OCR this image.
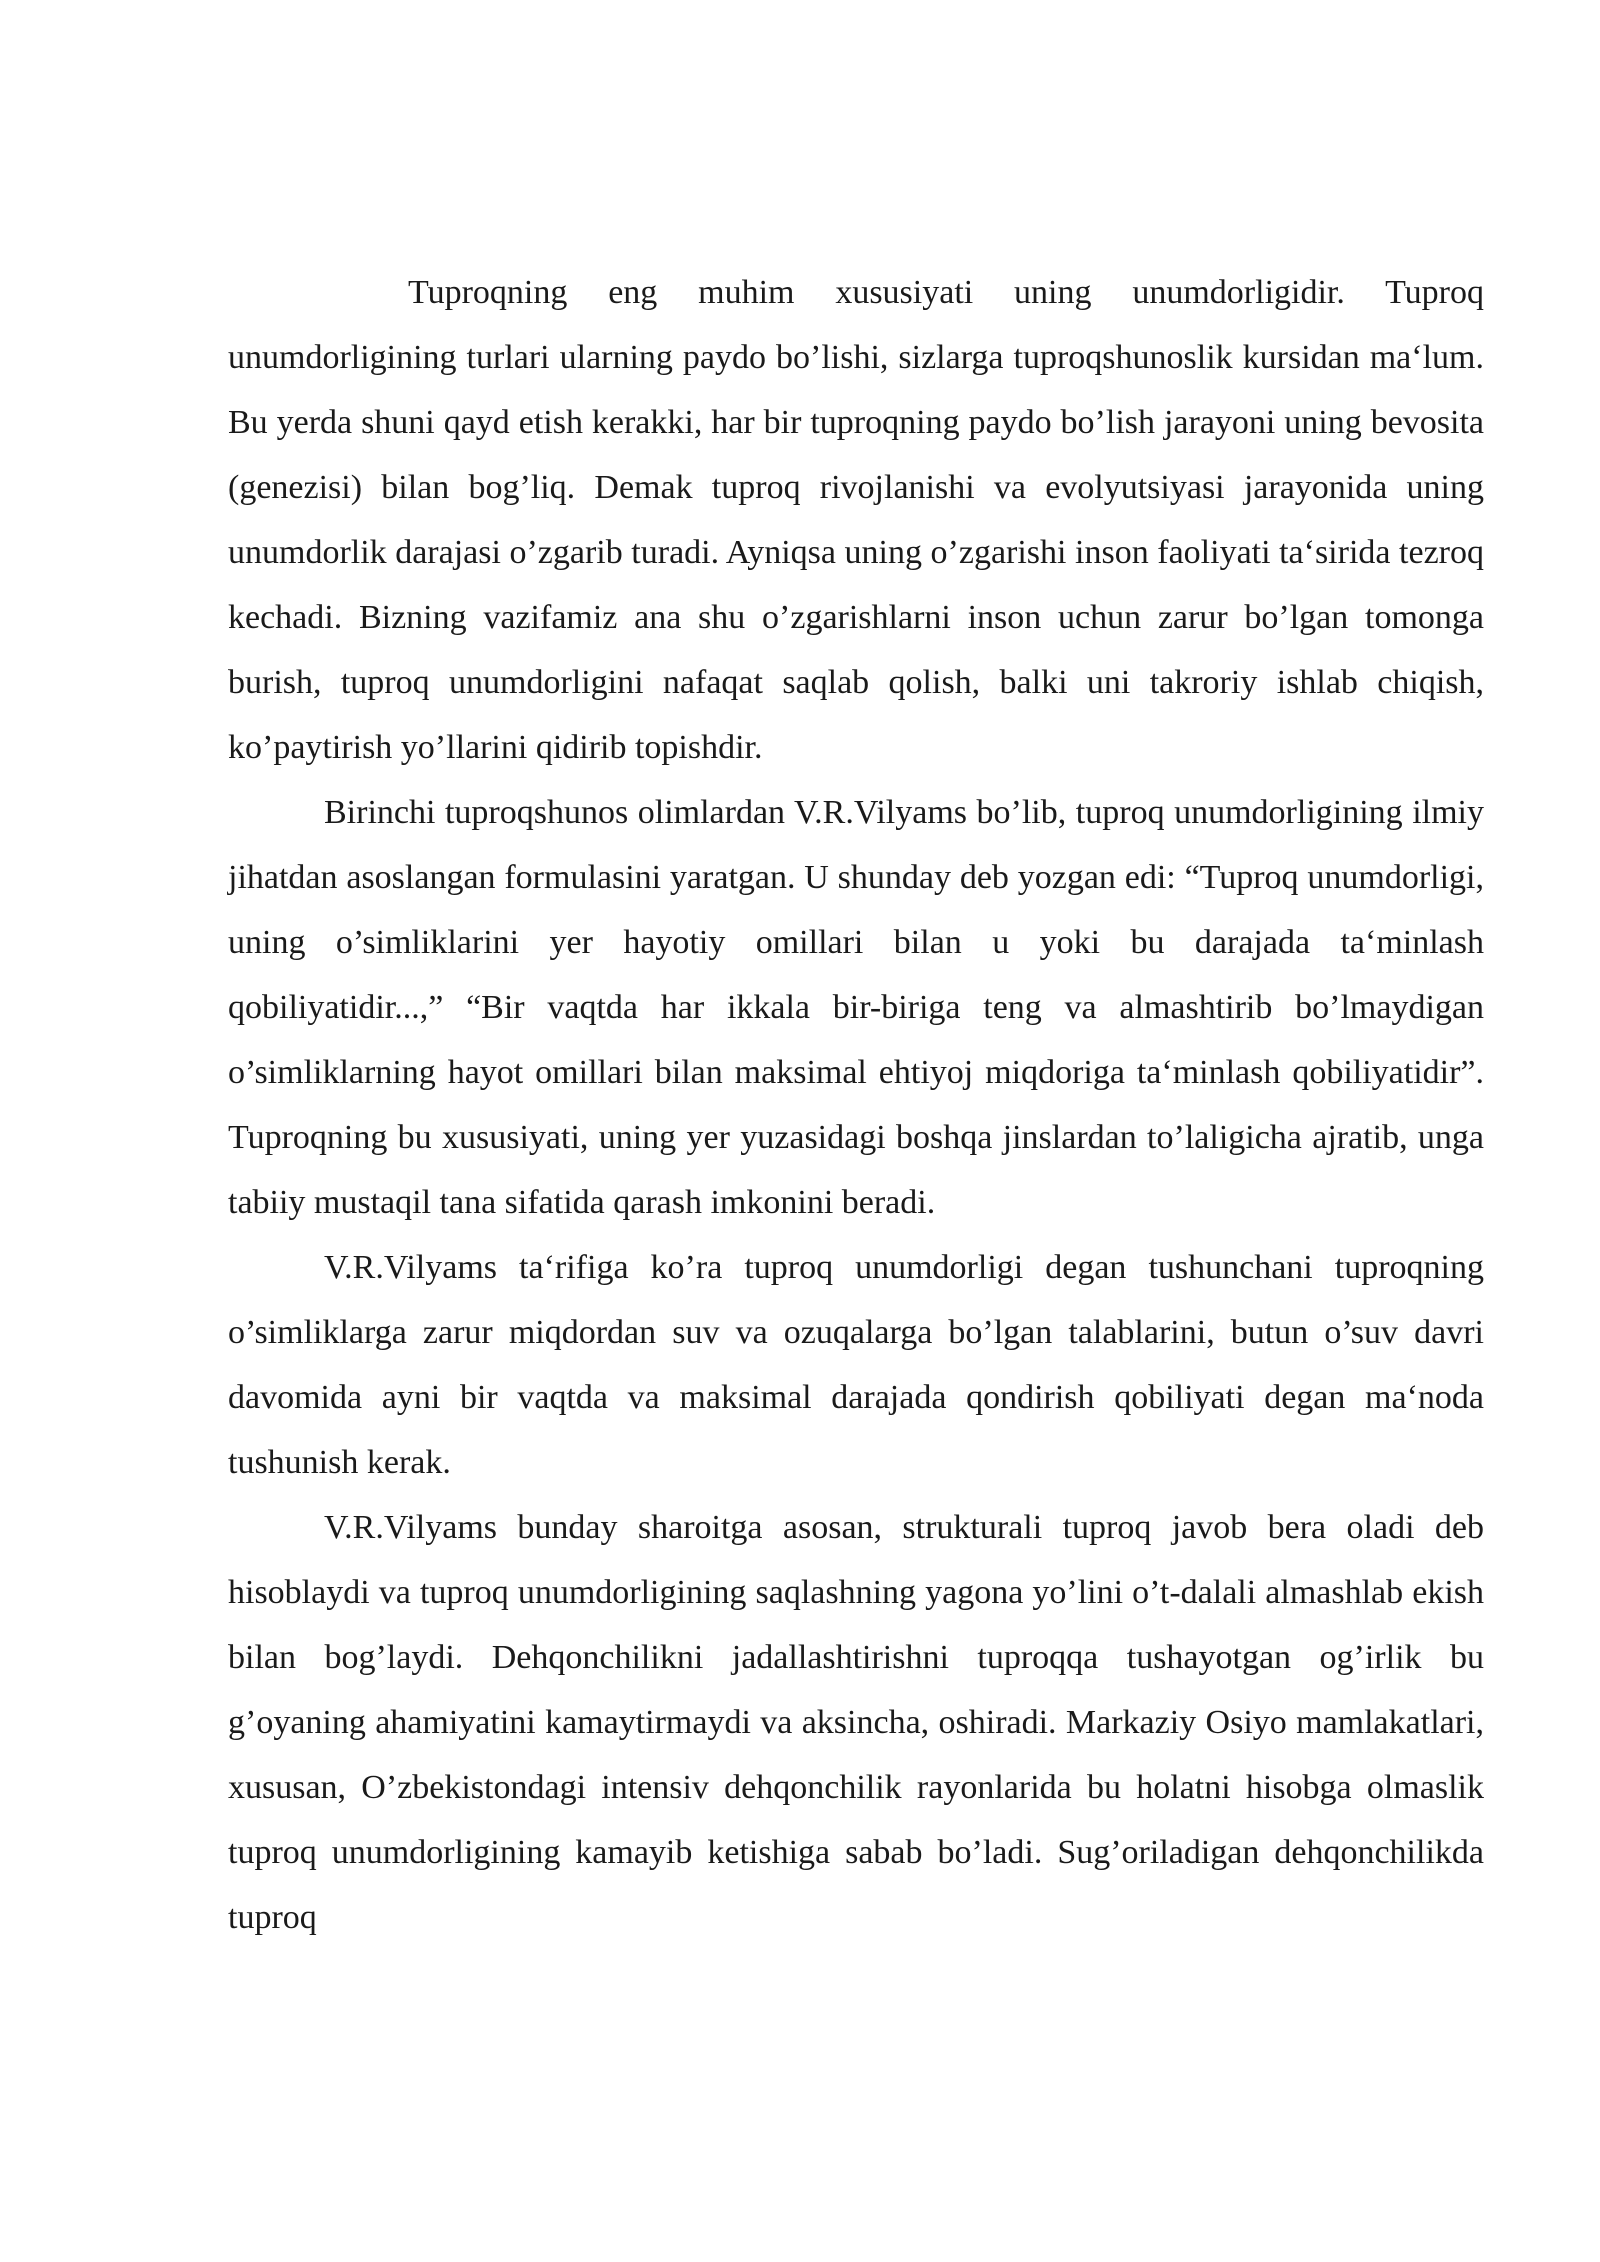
Tuproqning eng muhim xususiyati uning unumdorligidir. Tuproq unumdorligining turlari ularning paydo bo’lishi, sizlarga tuproqshunoslik kursidan ma‘lum. Bu yerda shuni qayd etish kerakki, har bir tuproqning paydo bo’lish jarayoni uning bevosita (genezisi) bilan bog’liq. Demak tuproq rivojlanishi va evolyutsiyasi jarayonida uning unumdorlik darajasi o’zgarib turadi. Ayniqsa uning o’zgarishi inson faoliyati ta‘sirida tezroq kechadi. Bizning vazifamiz ana shu o’zgarishlarni inson uchun zarur bo’lgan tomonga burish, tuproq unumdorligini nafaqat saqlab qolish, balki uni takroriy ishlab chiqish, ko’paytirish yo’llarini qidirib topishdir.

Birinchi tuproqshunos olimlardan V.R.Vilyams bo’lib, tuproq unumdorligining ilmiy jihatdan asoslangan formulasini yaratgan. U shunday deb yozgan edi: “Tuproq unumdorligi, uning o’simliklarini yer hayotiy omillari bilan u yoki bu darajada ta‘minlash qobiliyatidir...,” “Bir vaqtda har ikkala bir-biriga teng va almashtirib bo’lmaydigan o’simliklarning hayot omillari bilan maksimal ehtiyoj miqdoriga ta‘minlash qobiliyatidir”. Tuproqning bu xususiyati, uning yer yuzasidagi boshqa jinslardan to’laligicha ajratib, unga tabiiy mustaqil tana sifatida qarash imkonini beradi.

V.R.Vilyams ta‘rifiga ko’ra tuproq unumdorligi degan tushunchani tuproqning o’simliklarga zarur miqdordan suv va ozuqalarga bo’lgan talablarini, butun o’suv davri davomida ayni bir vaqtda va maksimal darajada qondirish qobiliyati degan ma‘noda tushunish kerak.

V.R.Vilyams bunday sharoitga asosan, strukturali tuproq javob bera oladi deb hisoblaydi va tuproq unumdorligining saqlashning yagona yo’lini o’t-dalali almashlab ekish bilan bog’laydi. Dehqonchilikni jadallashtirishni tuproqqa tushayotgan og’irlik bu g’oyaning ahamiyatini kamaytirmaydi va aksincha, oshiradi. Markaziy Osiyo mamlakatlari, xususan, O’zbekistondagi intensiv dehqonchilik rayonlarida bu holatni hisobga olmaslik tuproq unumdorligining kamayib ketishiga sabab bo’ladi. Sug’oriladigan dehqonchilikda tuproq
